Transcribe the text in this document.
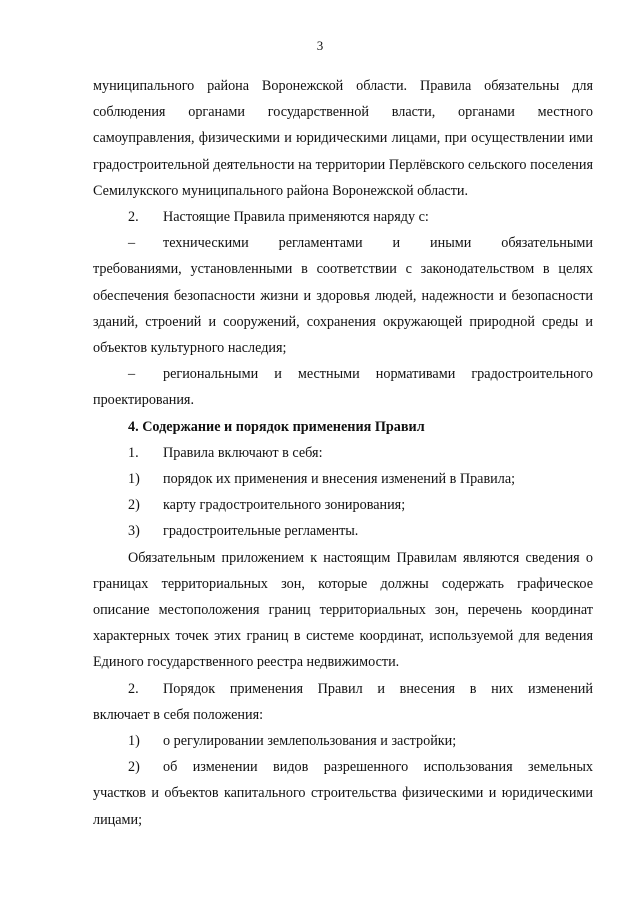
3

муниципального района Воронежской области. Правила обязательны для соблюдения органами государственной власти, органами местного самоуправления, физическими и юридическими лицами, при осуществлении ими градостроительной деятельности на территории Перлёвского сельского поселения Семилукского муниципального района Воронежской области.

2.	Настоящие Правила применяются наряду с:
–	техническими регламентами и иными обязательными
требованиями, установленными в соответствии с законодательством в целях обеспечения безопасности жизни и здоровья людей, надежности и безопасности зданий, строений и сооружений, сохранения окружающей природной среды и объектов культурного наследия;
–	региональными и местными нормативами градостроительного
проектирования.

4. Содержание и порядок применения Правил

1.	Правила включают в себя:
1)	порядок их применения и внесения изменений в Правила;
2)	карту градостроительного зонирования;
3)	градостроительные регламенты.

Обязательным приложением к настоящим Правилам являются сведения о границах территориальных зон, которые должны содержать графическое описание местоположения границ территориальных зон, перечень координат характерных точек этих границ в системе координат, используемой для ведения Единого государственного реестра недвижимости.

2.	Порядок применения Правил и внесения в них изменений
включает в себя положения:
1)	о регулировании землепользования и застройки;
2)	об изменении видов разрешенного использования земельных
участков и объектов капитального строительства физическими и юридическими лицами;
